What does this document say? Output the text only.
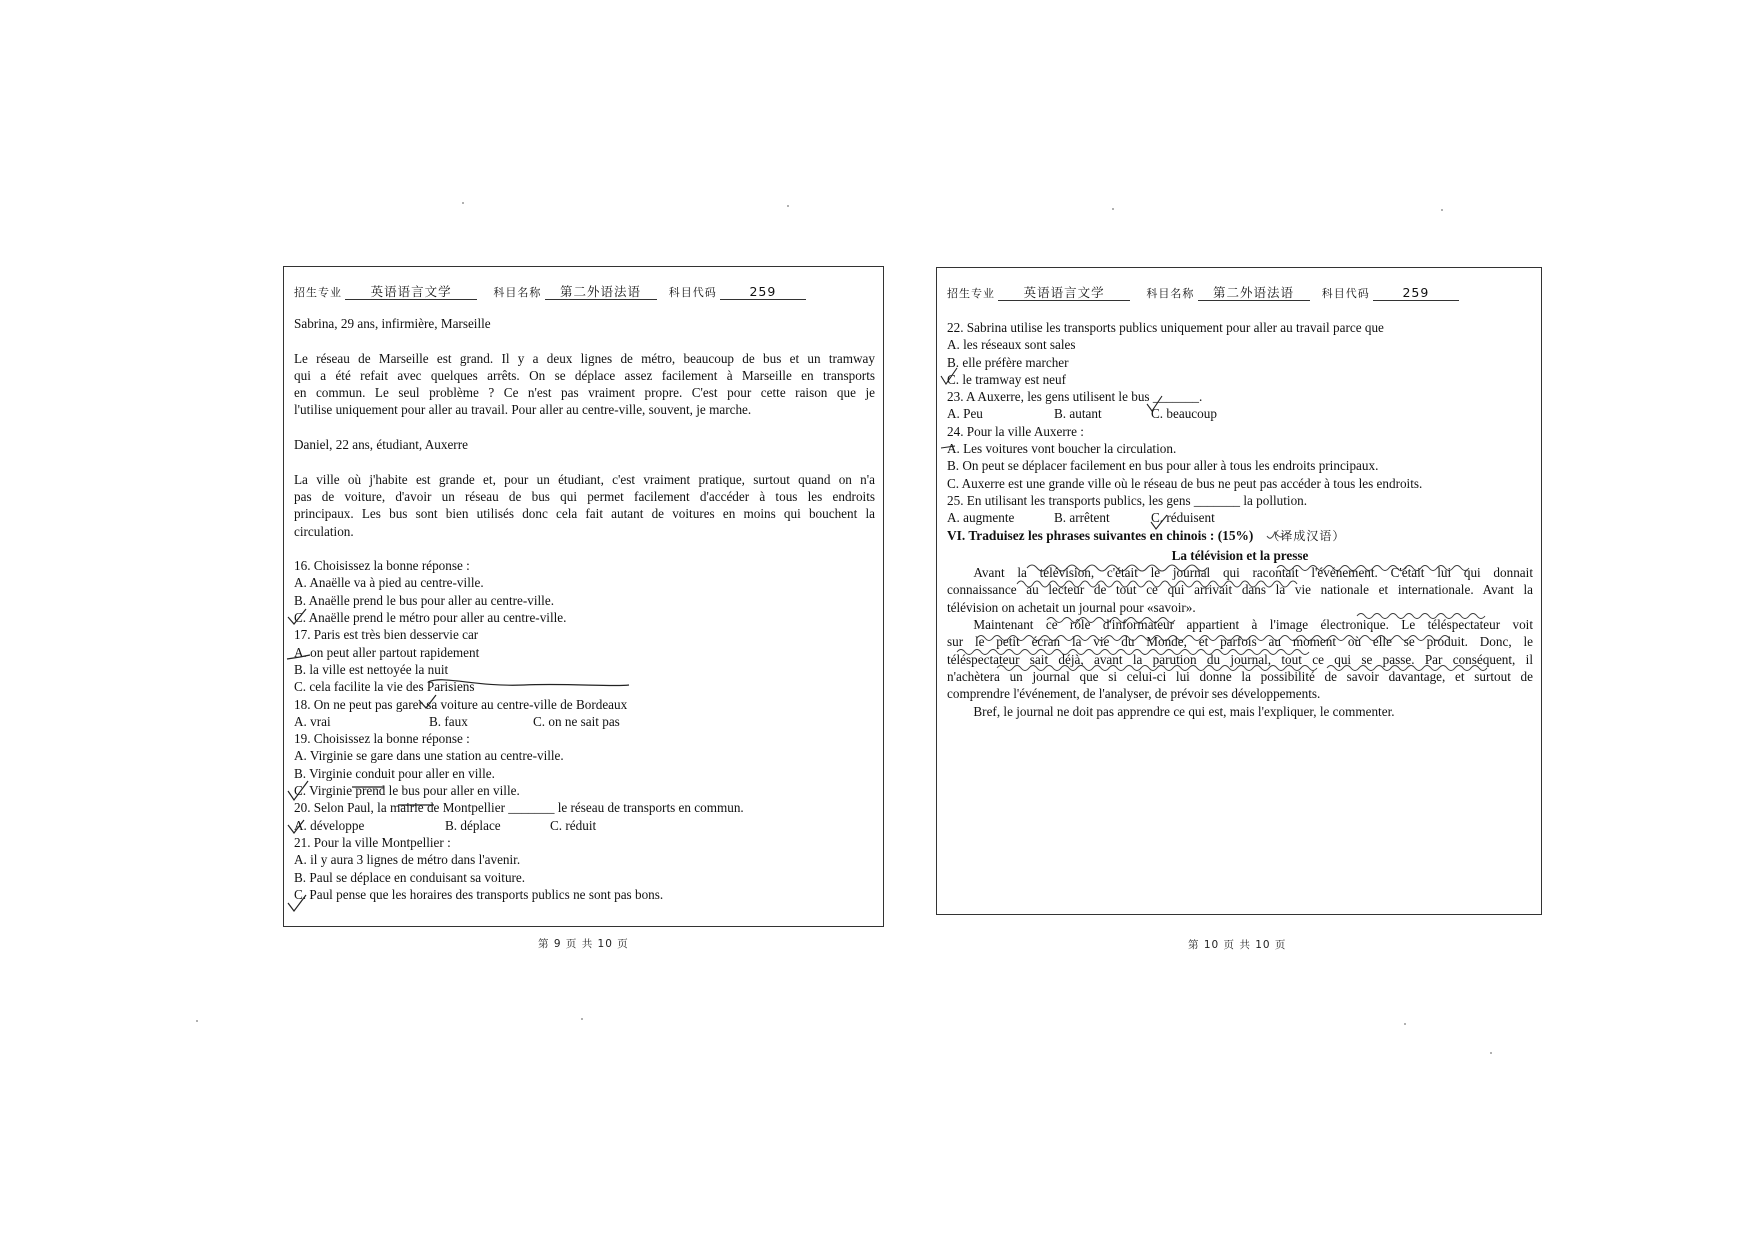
招生专业 英语语言文学	科目名称 第二外语法语	科目代码	259

Sabrina, 29 ans, infirmière, Marseille

Le réseau de Marseille est grand. Il y a deux lignes de métro, beaucoup de bus et un tramway
qui a été refait avec quelques arrêts. On se déplace assez facilement à Marseille en transports
en commun. Le seul problème ? Ce n'est pas vraiment propre. C'est pour cette raison que je
l'utilise uniquement pour aller au travail. Pour aller au centre-ville, souvent, je marche.

Daniel, 22 ans, étudiant, Auxerre

La ville où j'habite est grande et, pour un étudiant, c'est vraiment pratique, surtout quand on n'a
pas de voiture, d'avoir un réseau de bus qui permet facilement d'accéder à tous les endroits
principaux. Les bus sont bien utilisés donc cela fait autant de voitures en moins qui bouchent la
circulation.

16. Choisissez la bonne réponse :

A. Anaëlle va à pied au centre-ville.

B. Anaëlle prend le bus pour aller au centre-ville.

C. Anaëlle prend le métro pour aller au centre-ville.

17. Paris est très bien desservie car

A. on peut aller partout rapidement

B. la ville est nettoyée la nuit

C. cela facilite la vie des Parisiens

18. On ne peut pas garer sa voiture au centre-ville de Bordeaux

A. vrai	B. faux	C. on ne sait pas

19. Choisissez la bonne réponse :

A. Virginie se gare dans une station au centre-ville.

B. Virginie conduit pour aller en ville.

C. Virginie prend le bus pour aller en ville.

20. Selon Paul, la mairie de Montpellier _______ le réseau de transports en commun.

A. développe	B. déplace	C. réduit

21. Pour la ville Montpellier :

A. il y aura 3 lignes de métro dans l'avenir.

B. Paul se déplace en conduisant sa voiture.

C. Paul pense que les horaires des transports publics ne sont pas bons.

第 9 页 共 10 页
招生专业 英语语言文学	科目名称 第二外语法语	科目代码	259

22. Sabrina utilise les transports publics uniquement pour aller au travail parce que

A. les réseaux sont sales

B. elle préfère marcher

C. le tramway est neuf

23. A Auxerre, les gens utilisent le bus _______.

A. Peu	B. autant	C. beaucoup

24. Pour la ville Auxerre :

A. Les voitures vont boucher la circulation.

B. On peut se déplacer facilement en bus pour aller à tous les endroits principaux.

C. Auxerre est une grande ville où le réseau de bus ne peut pas accéder à tous les endroits.

25. En utilisant les transports publics, les gens _______ la pollution.

A. augmente	B. arrêtent	C. réduisent

VI. Traduisez les phrases suivantes en chinois : (15%) （译成汉语）

La télévision et la presse

Avant la télévision, c'était le journal qui racontait l'événement. C'était lui qui donnait
connaissance au lecteur de tout ce qui arrivait dans la vie nationale et internationale. Avant la
télévision on achetait un journal pour «savoir».
Maintenant ce rôle d'informateur appartient à l'image électronique. Le téléspectateur voit
sur le petit écran la vie du Monde, et parfois au moment où elle se produit. Donc, le
téléspectateur sait déjà, avant la parution du journal, tout ce qui se passe. Par conséquent, il
n'achètera un journal que si celui-ci lui donne la possibilité de savoir davantage, et surtout de
comprendre l'événement, de l'analyser, de prévoir ses développements.

Bref, le journal ne doit pas apprendre ce qui est, mais l'expliquer, le commenter.

第 10 页 共 10 页
